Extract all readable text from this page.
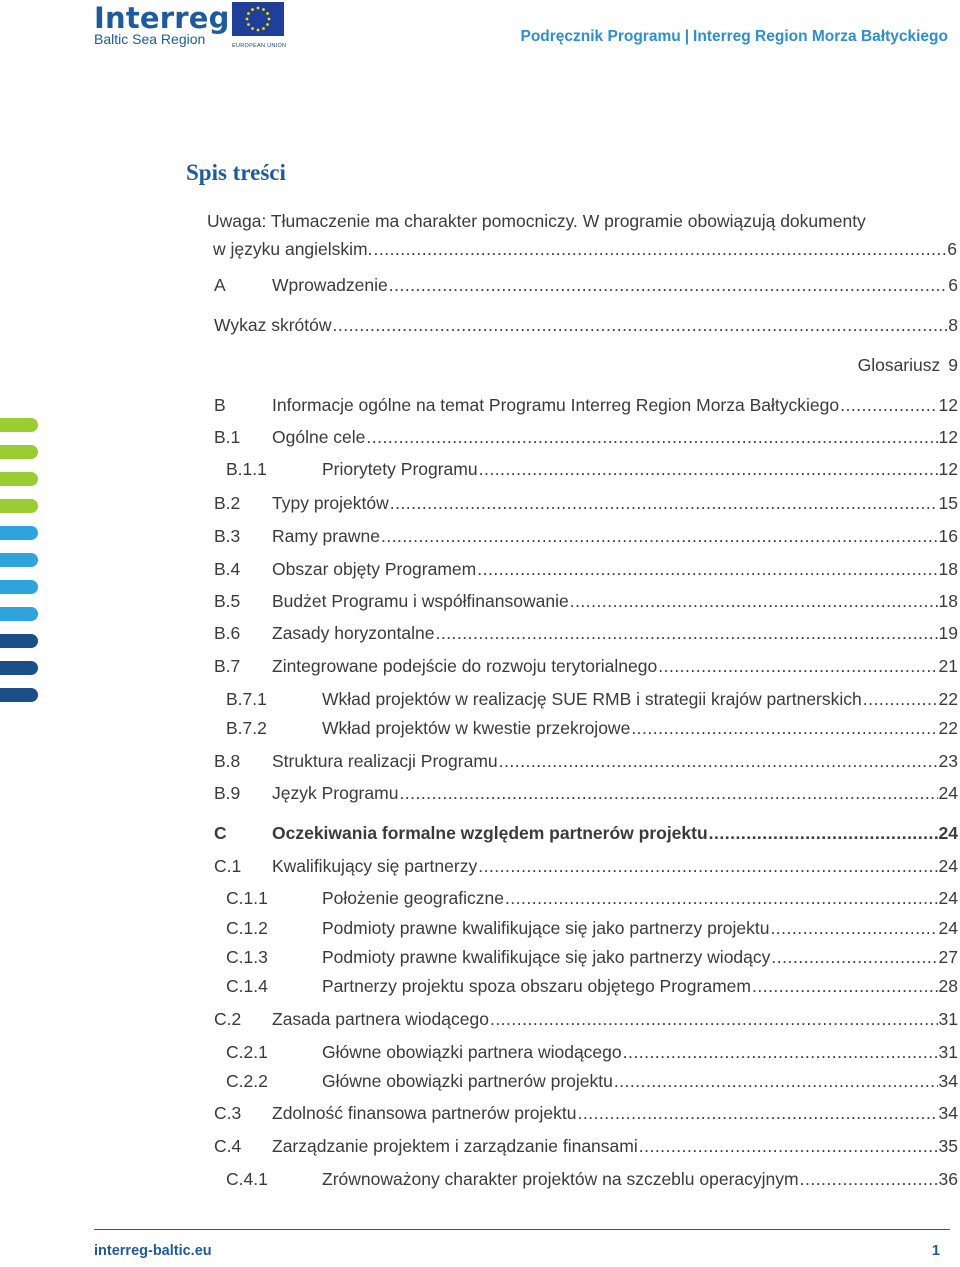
Interreg
Baltic Sea Region	EUROPEAN UNION
Podręcznik Programu | Interreg Region Morza Bałtyckiego
Spis treści
Uwaga: Tłumaczenie ma charakter pomocniczy. W programie obowiązują dokumenty
w języku angielskim. .....	6
Glosariusz 9
A	Wprowadzenie .....	6
Wykaz skrótów .....	8
B	Informacje ogólne na temat Programu Interreg Region Morza Bałtyckiego .....	12
B.1 Ogólne cele .....	12
B.1.1	Priorytety Programu .....	12
B.2 Typy projektów .....	15
B.3 Ramy prawne .....	16
B.4 Obszar objęty Programem .....	18
B.5 Budżet Programu i współfinansowanie .....	18
B.6 Zasady horyzontalne .....	19
B.7 Zintegrowane podejście do rozwoju terytorialnego .....	21
B.7.1	Wkład projektów w realizację SUE RMB i strategii krajów partnerskich .....	22
B.7.2	Wkład projektów w kwestie przekrojowe .....	22
B.8 Struktura realizacji Programu .....	23
B.9 Język Programu .....	24
C	Oczekiwania formalne względem partnerów projektu .....	24
C.1 Kwalifikujący się partnerzy .....	24
C.1.1	Położenie geograficzne .....	24
C.1.2	Podmioty prawne kwalifikujące się jako partnerzy projektu .....	24
C.1.3	Podmioty prawne kwalifikujące się jako partnerzy wiodący .....	27
C.1.4	Partnerzy projektu spoza obszaru objętego Programem .....	28
C.2 Zasada partnera wiodącego .....	31
C.2.1	Główne obowiązki partnera wiodącego .....	31
C.2.2	Główne obowiązki partnerów projektu .....	34
C.3 Zdolność finansowa partnerów projektu .....	34
C.4 Zarządzanie projektem i zarządzanie finansami .....	35
C.4.1	Zrównoważony charakter projektów na szczeblu operacyjnym .....	36
interreg-baltic.eu	1
